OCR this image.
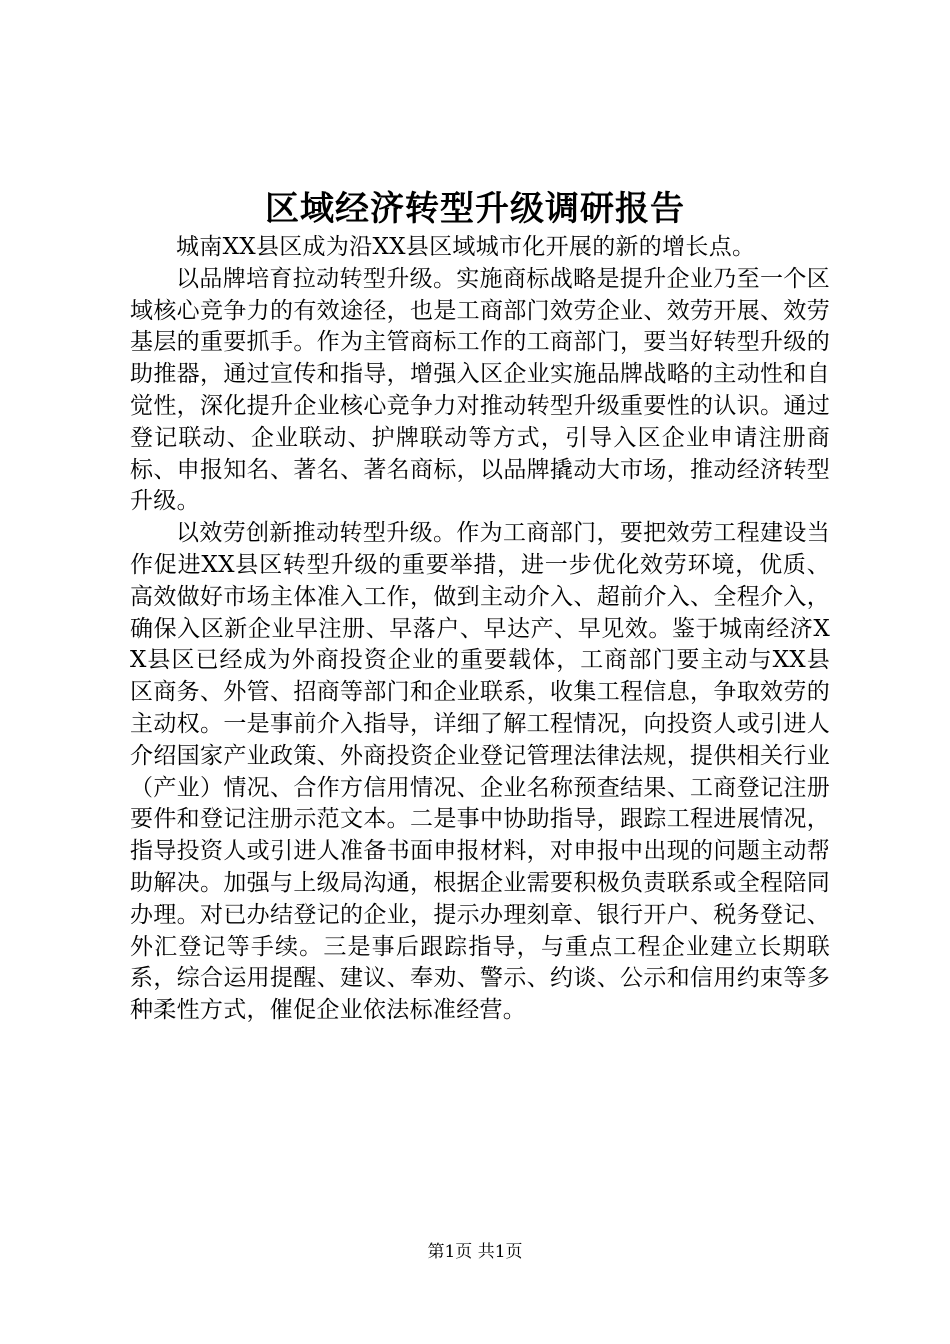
区域经济转型升级调研报告

城南XX县区成为沿XX县区域城市化开展的新的增长点。

以品牌培育拉动转型升级。实施商标战略是提升企业乃至一个区域核心竞争力的有效途径，也是工商部门效劳企业、效劳开展、效劳基层的重要抓手。作为主管商标工作的工商部门，要当好转型升级的助推器，通过宣传和指导，增强入区企业实施品牌战略的主动性和自觉性，深化提升企业核心竞争力对推动转型升级重要性的认识。通过登记联动、企业联动、护牌联动等方式，引导入区企业申请注册商标、申报知名、著名、著名商标，以品牌撬动大市场，推动经济转型升级。

以效劳创新推动转型升级。作为工商部门，要把效劳工程建设当作促进XX县区转型升级的重要举措，进一步优化效劳环境，优质、高效做好市场主体准入工作，做到主动介入、超前介入、全程介入，确保入区新企业早注册、早落户、早达产、早见效。鉴于城南经济XX县区已经成为外商投资企业的重要载体，工商部门要主动与XX县区商务、外管、招商等部门和企业联系，收集工程信息，争取效劳的主动权。一是事前介入指导，详细了解工程情况，向投资人或引进人介绍国家产业政策、外商投资企业登记管理法律法规，提供相关行业（产业）情况、合作方信用情况、企业名称预查结果、工商登记注册要件和登记注册示范文本。二是事中协助指导，跟踪工程进展情况，指导投资人或引进人准备书面申报材料，对申报中出现的问题主动帮助解决。加强与上级局沟通，根据企业需要积极负责联系或全程陪同办理。对已办结登记的企业，提示办理刻章、银行开户、税务登记、外汇登记等手续。三是事后跟踪指导，与重点工程企业建立长期联系，综合运用提醒、建议、奉劝、警示、约谈、公示和信用约束等多种柔性方式，催促企业依法标准经营。

第1页 共1页
